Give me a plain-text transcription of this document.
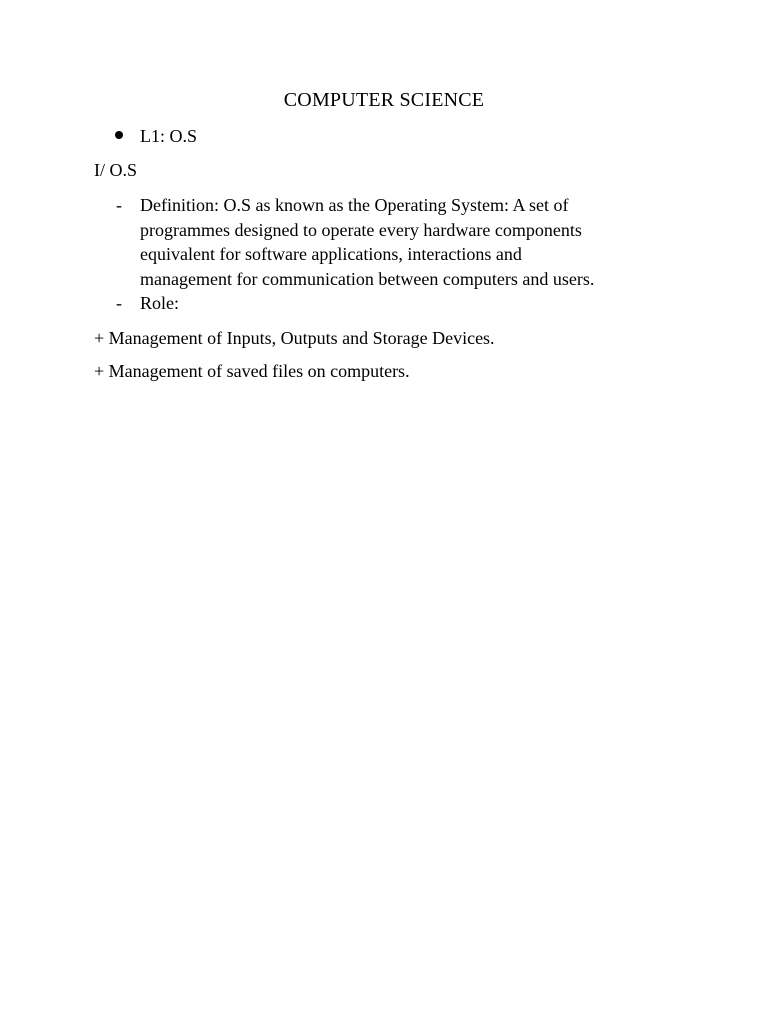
COMPUTER SCIENCE
L1: O.S
I/ O.S
- Definition: O.S as known as the Operating System: A set of
programmes designed to operate every hardware components
equivalent for software applications, interactions and
management for communication between computers and users.
- Role:
+ Management of Inputs, Outputs and Storage Devices.
+ Management of saved files on computers.
